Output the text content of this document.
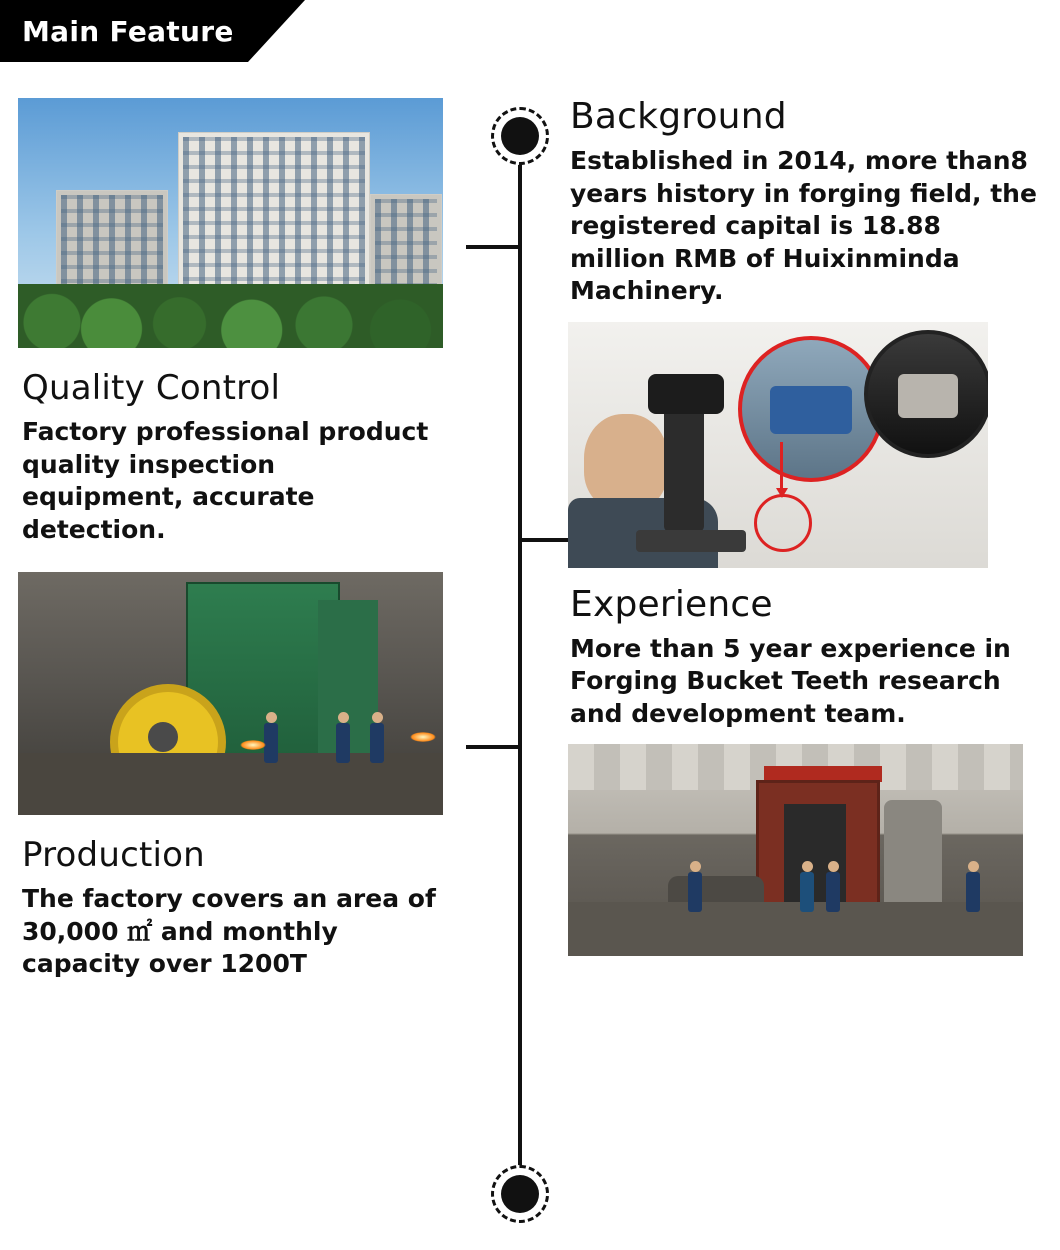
Main Feature
Quality Control
Factory professional product quality inspection equipment, accurate detection.
Production
The factory covers an area of 30,000 ㎡ and monthly capacity over 1200T
Background
Established in 2014, more than8 years history in forging field, the registered capital is 18.88 million RMB of Huixinminda Machinery.
Experience
More than 5 year experience in Forging Bucket Teeth research and development team.
